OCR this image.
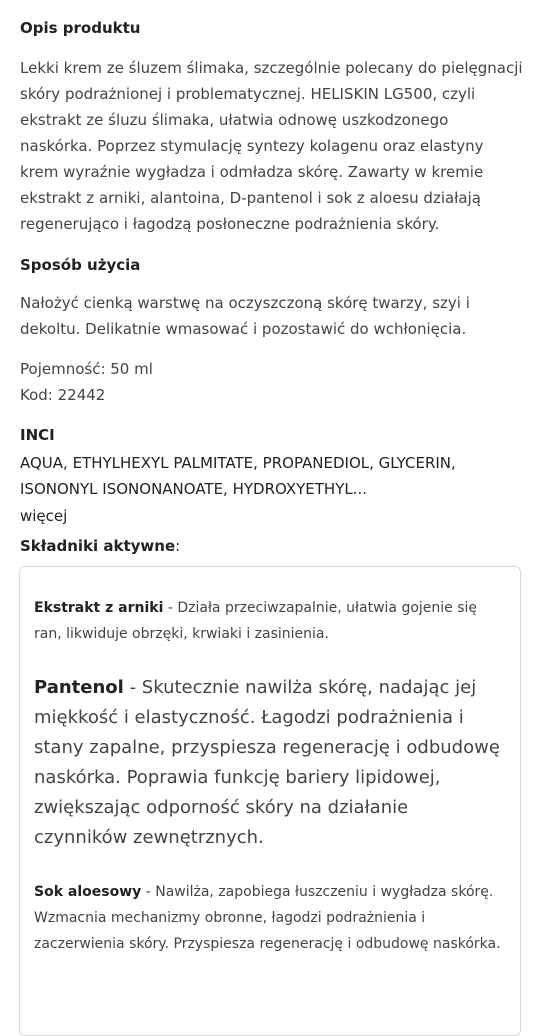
Opis produktu
Lekki krem ze śluzem ślimaka, szczególnie polecany do pielęgnacji skóry podrażnionej i problematycznej. HELISKIN LG500, czyli ekstrakt ze śluzu ślimaka, ułatwia odnowę uszkodzonego naskórka. Poprzez stymulację syntezy kolagenu oraz elastyny krem wyraźnie wygładza i odmładza skórę. Zawarty w kremie ekstrakt z arniki, alantoina, D-pantenol i sok z aloesu działają regenerująco i łagodzą posłoneczne podrażnienia skóry.
Sposób użycia
Nałożyć cienką warstwę na oczyszczoną skórę twarzy, szyi i dekoltu. Delikatnie wmasować i pozostawić do wchłonięcia.
Pojemność: 50 ml
Kod: 22442
INCI
AQUA, ETHYLHEXYL PALMITATE, PROPANEDIOL, GLYCERIN, ISONONYL ISONONANOATE, HYDROXYETHYL...
więcej
Składniki aktywne:
Ekstrakt z arniki - Działa przeciwzapalnie, ułatwia gojenie się ran, likwiduje obrzęki, krwiaki i zasinienia.
Pantenol - Skutecznie nawilża skórę, nadając jej miękkość i elastyczność. Łagodzi podrażnienia i stany zapalne, przyspiesza regenerację i odbudowę naskórka. Poprawia funkcję bariery lipidowej, zwiększając odporność skóry na działanie czynników zewnętrznych.
Sok aloesowy - Nawilża, zapobiega łuszczeniu i wygładza skórę. Wzmacnia mechanizmy obronne, łagodzi podrażnienia i zaczerwienia skóry. Przyspiesza regenerację i odbudowę naskórka.
